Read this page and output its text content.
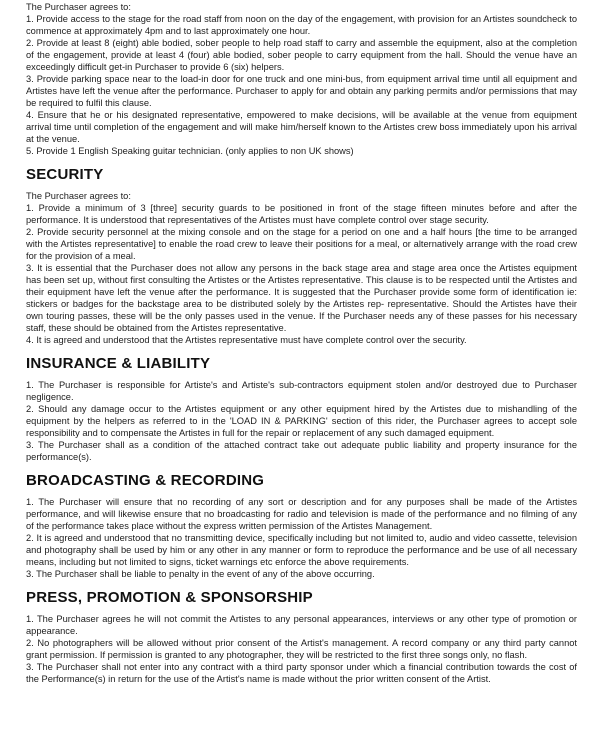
The Purchaser agrees to:

1. Provide access to the stage for the road staff from noon on the day of the engagement, with provision for an Artistes soundcheck to commence at approximately 4pm and to last approximately one hour.

2. Provide at least 8 (eight) able bodied, sober people to help road staff to carry and assemble the equipment, also at the completion of the engagement, provide at least 4 (four) able bodied, sober people to carry equipment from the hall. Should the venue have an exceedingly difficult get-in Purchaser to provide 6 (six) helpers.

3. Provide parking space near to the load-in door for one truck and one mini-bus, from equipment arrival time until all equipment and Artistes have left the venue after the performance. Purchaser to apply for and obtain any parking permits and/or permissions that may be required to fulfil this clause.

4. Ensure that he or his designated representative, empowered to make decisions, will be available at the venue from equipment arrival time until completion of the engagement and will make him/herself known to the Artistes crew boss immediately upon his arrival at the venue.

5. Provide 1 English Speaking guitar technician. (only applies to non UK shows)

SECURITY

The Purchaser agrees to:

1. Provide a minimum of 3 [three] security guards to be positioned in front of the stage fifteen minutes before and after the performance. It is understood that representatives of the Artistes must have complete control over stage security.

2. Provide security personnel at the mixing console and on the stage for a period on one and a half hours [the time to be arranged with the Artistes representative] to enable the road crew to leave their positions for a meal, or alternatively arrange with the road crew for the provision of a meal.

3. It is essential that the Purchaser does not allow any persons in the back stage area and stage area once the Artistes equipment has been set up, without first consulting the Artistes or the Artistes representative. This clause is to be respected until the Artistes and their equipment have left the venue after the performance. It is suggested that the Purchaser provide some form of identification ie: stickers or badges for the backstage area to be distributed solely by the Artistes rep- representative. Should the Artistes have their own touring passes, these will be the only passes used in the venue. If the Purchaser needs any of these passes for his necessary staff, these should be obtained from the Artistes representative.

4. It is agreed and understood that the Artistes representative must have complete control over the security.

INSURANCE & LIABILITY

1. The Purchaser is responsible for Artiste's and Artiste's sub-contractors equipment stolen and/or destroyed due to Purchaser negligence.

2. Should any damage occur to the Artistes equipment or any other equipment hired by the Artistes due to mishandling of the equipment by the helpers as referred to in the 'LOAD IN & PARKING' section of this rider, the Purchaser agrees to accept sole responsibility and to compensate the Artistes in full for the repair or replacement of any such damaged equipment.

3. The Purchaser shall as a condition of the attached contract take out adequate public liability and property insurance for the performance(s).

BROADCASTING & RECORDING

1. The Purchaser will ensure that no recording of any sort or description and for any purposes shall be made of the Artistes performance, and will likewise ensure that no broadcasting for radio and television is made of the performance and no filming of any of the performance takes place without the express written permission of the Artistes Management.

2. It is agreed and understood that no transmitting device, specifically including but not limited to, audio and video cassette, television and photography shall be used by him or any other in any manner or form to reproduce the performance and be use of all necessary means, including but not limited to signs, ticket warnings etc enforce the above requirements.

3. The Purchaser shall be liable to penalty in the event of any of the above occurring.

PRESS, PROMOTION & SPONSORSHIP

1. The Purchaser agrees he will not commit the Artistes to any personal appearances, interviews or any other type of promotion or appearance.

2. No photographers will be allowed without prior consent of the Artist's management. A record company or any third party cannot grant permission. If permission is granted to any photographer, they will be restricted to the first three songs only, no flash.

3. The Purchaser shall not enter into any contract with a third party sponsor under which a financial contribution towards the cost of the Performance(s) in return for the use of the Artist's name is made without the prior written consent of the Artist.
